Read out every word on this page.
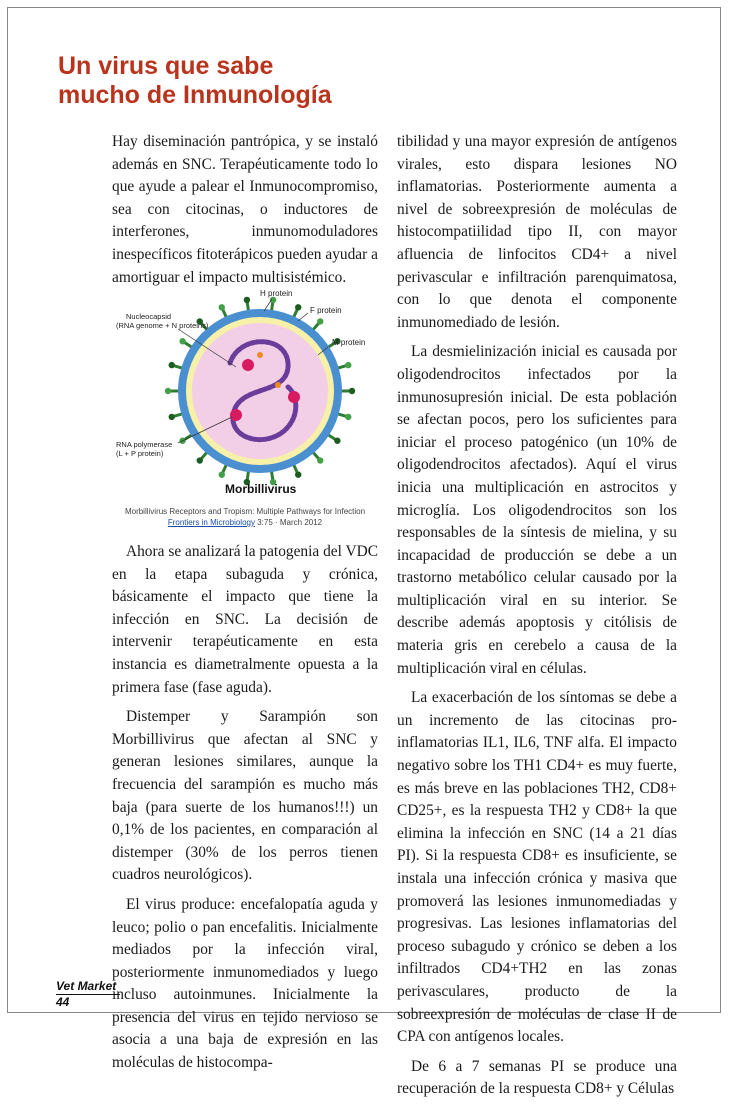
Un virus que sabe
mucho de Inmunología

Hay diseminación pantrópica, y se instaló además en SNC. Terapéuticamente todo lo que ayude a palear el Inmunocompromiso, sea con citocinas, o inductores de interferones, inmunomoduladores inespecíficos fitoterápicos pueden ayudar a amortiguar el impacto multisistémico.

H protein
F protein
Nucleocapsid
(RNA genome + N proteins)
M protein
RNA polymerase
(L + P protein)
Morbillivirus
Morbillivirus Receptors and Tropism: Multiple Pathways for Infection
Frontiers in Microbiology 3:75 · March 2012

Ahora se analizará la patogenia del VDC en la etapa subaguda y crónica, básicamente el impacto que tiene la infección en SNC. La decisión de intervenir terapéuticamente en esta instancia es diametralmente opuesta a la primera fase (fase aguda).

Distemper y Sarampión son Morbillivirus que afectan al SNC y generan lesiones similares, aunque la frecuencia del sarampión es mucho más baja (para suerte de los humanos!!!) un 0,1% de los pacientes, en comparación al distemper (30% de los perros tienen cuadros neurológicos).

El virus produce: encefalopatía aguda y leuco; polio o pan encefalitis. Inicialmente mediados por la infección viral, posteriormente inmunomediados y luego incluso autoinmunes. Inicialmente la presencia del virus en tejido nervioso se asocia a una baja de expresión en las moléculas de histocompa-

tibilidad y una mayor expresión de antígenos virales, esto dispara lesiones NO inflamatorias. Posteriormente aumenta a nivel de sobreexpresión de moléculas de histocompatiilidad tipo II, con mayor afluencia de linfocitos CD4+ a nivel perivascular e infiltración parenquimatosa, con lo que denota el componente inmunomediado de lesión.

La desmielinización inicial es causada por oligodendrocitos infectados por la inmunosupresión inicial. De esta población se afectan pocos, pero los suficientes para iniciar el proceso patogénico (un 10% de oligodendrocitos afectados). Aquí el virus inicia una multiplicación en astrocitos y microglía. Los oligodendrocitos son los responsables de la síntesis de mielina, y su incapacidad de producción se debe a un trastorno metabólico celular causado por la multiplicación viral en su interior. Se describe además apoptosis y citólisis de materia gris en cerebelo a causa de la multiplicación viral en células.

La exacerbación de los síntomas se debe a un incremento de las citocinas pro-inflamatorias IL1, IL6, TNF alfa. El impacto negativo sobre los TH1 CD4+ es muy fuerte, es más breve en las poblaciones TH2, CD8+ CD25+, es la respuesta TH2 y CD8+ la que elimina la infección en SNC (14 a 21 días PI). Si la respuesta CD8+ es insuficiente, se instala una infección crónica y masiva que promoverá las lesiones inmunomediadas y progresivas. Las lesiones inflamatorias del proceso subagudo y crónico se deben a los infiltrados CD4+TH2 en las zonas perivasculares, producto de la sobreexpresión de moléculas de clase II de CPA con antígenos locales.

De 6 a 7 semanas PI se produce una recuperación de la respuesta CD8+ y Células

Vet Market
44
